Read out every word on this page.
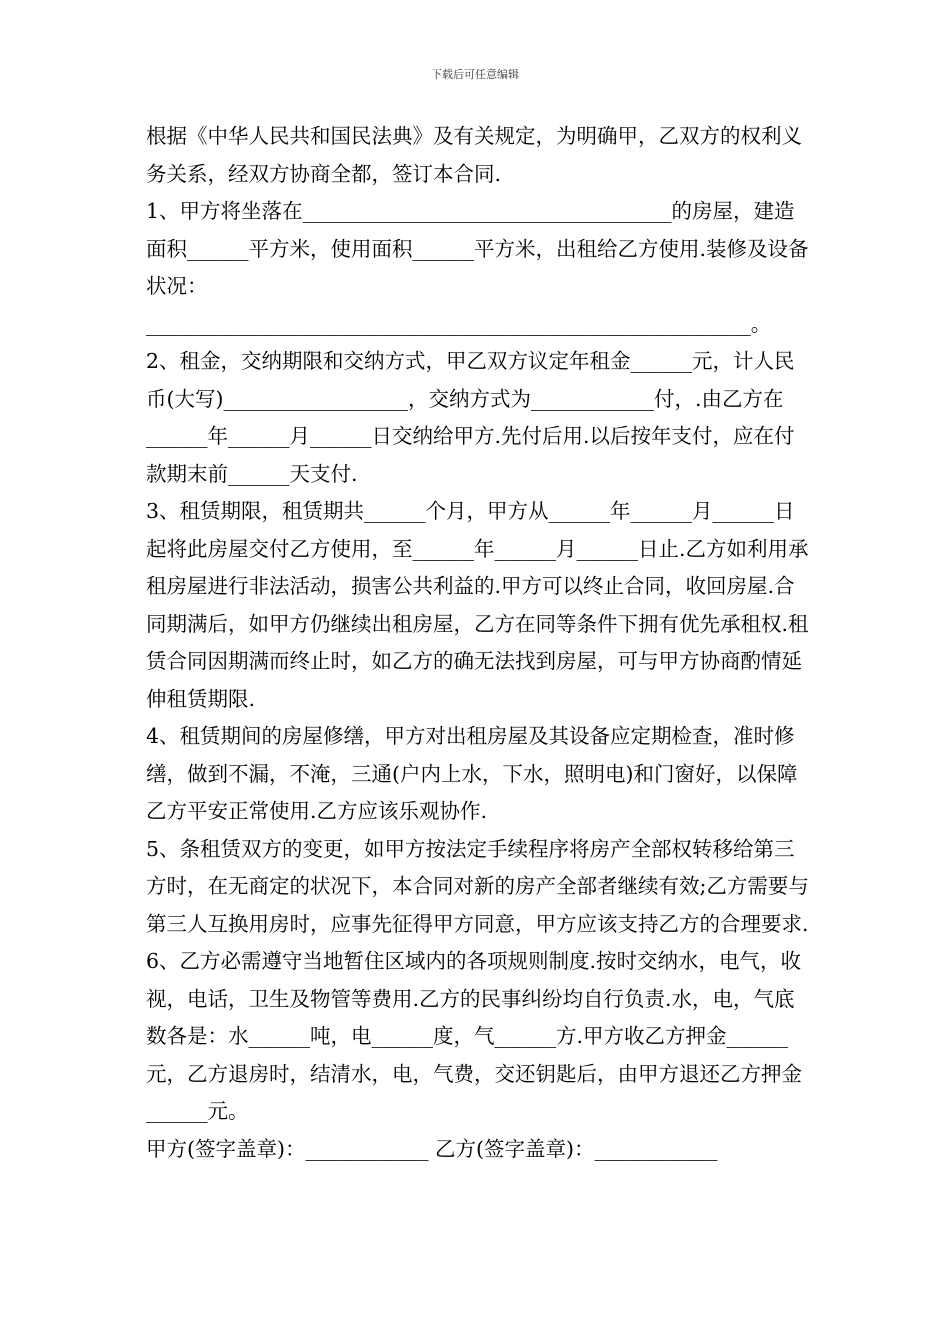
下载后可任意编辑

根据《中华人民共和国民法典》及有关规定，为明确甲，乙双方的权利义务关系，经双方协商全都，签订本合同.

1、甲方将坐落在____________________________________的房屋，建造面积______平方米，使用面积______平方米，出租给乙方使用.装修及设备状况：___________________________________________________________。

2、租金，交纳期限和交纳方式，甲乙双方议定年租金______元，计人民币(大写)__________________，交纳方式为____________付，.由乙方在______年______月______日交纳给甲方.先付后用.以后按年支付，应在付款期末前______天支付.

3、租赁期限，租赁期共______个月，甲方从______年______月______日起将此房屋交付乙方使用，至______年______月______日止.乙方如利用承租房屋进行非法活动，损害公共利益的.甲方可以终止合同，收回房屋.合同期满后，如甲方仍继续出租房屋，乙方在同等条件下拥有优先承租权.租赁合同因期满而终止时，如乙方的确无法找到房屋，可与甲方协商酌情延伸租赁期限.

4、租赁期间的房屋修缮，甲方对出租房屋及其设备应定期检查，准时修缮，做到不漏，不淹，三通(户内上水，下水，照明电)和门窗好，以保障乙方平安正常使用.乙方应该乐观协作.

5、条租赁双方的变更，如甲方按法定手续程序将房产全部权转移给第三方时，在无商定的状况下，本合同对新的房产全部者继续有效;乙方需要与第三人互换用房时，应事先征得甲方同意，甲方应该支持乙方的合理要求.

6、乙方必需遵守当地暂住区域内的各项规则制度.按时交纳水，电气，收视，电话，卫生及物管等费用.乙方的民事纠纷均自行负责.水，电，气底数各是：水______吨，电______度，气______方.甲方收乙方押金______元，乙方退房时，结清水，电，气费，交还钥匙后，由甲方退还乙方押金______元。

甲方(签字盖章)：____________ 乙方(签字盖章)：____________
